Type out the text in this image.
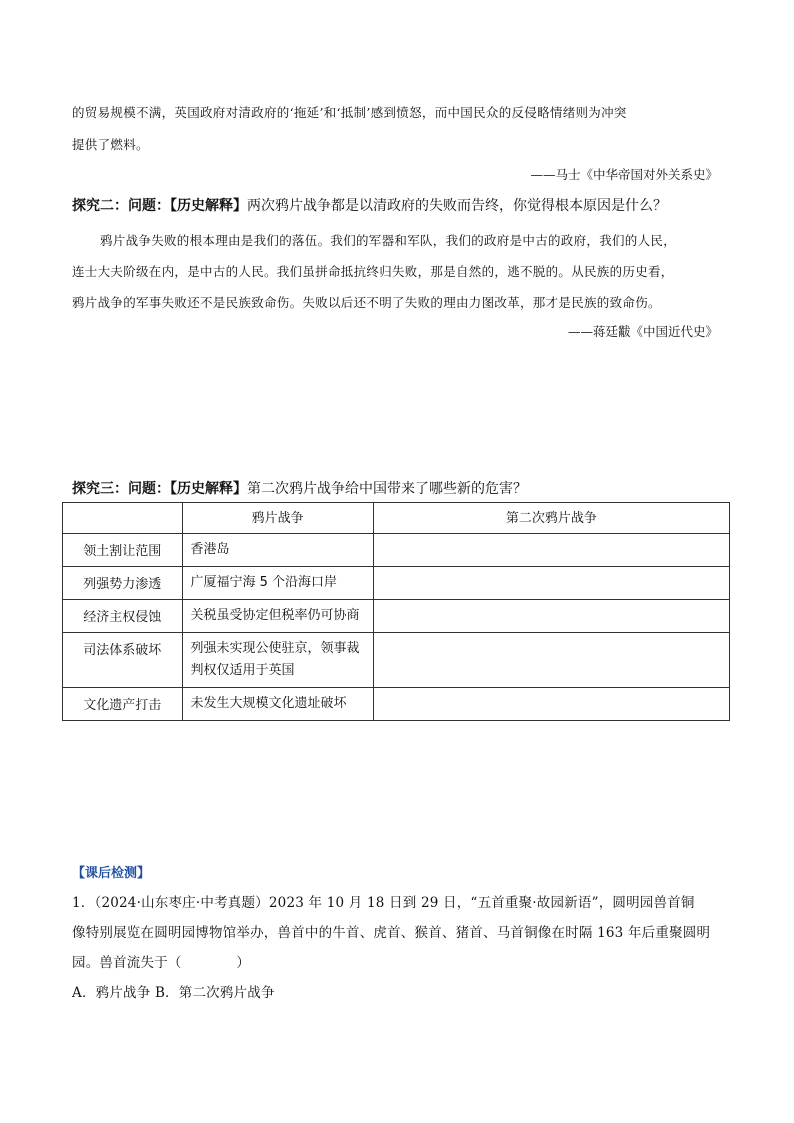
的贸易规模不满，英国政府对清政府的‘拖延’和‘抵制’感到愤怒，而中国民众的反侵略情绪则为冲突
提供了燃料。
——马士《中华帝国对外关系史》
探究二：问题：【历史解释】两次鸦片战争都是以清政府的失败而告终，你觉得根本原因是什么？
鸦片战争失败的根本理由是我们的落伍。我们的军器和军队，我们的政府是中古的政府，我们的人民，
连士大夫阶级在内，是中古的人民。我们虽拼命抵抗终归失败，那是自然的，逃不脱的。从民族的历史看，
鸦片战争的军事失败还不是民族致命伤。失败以后还不明了失败的理由力图改革，那才是民族的致命伤。
——蒋廷黻《中国近代史》
探究三：问题：【历史解释】第二次鸦片战争给中国带来了哪些新的危害？
	鸦片战争	第二次鸦片战争
领土割让范围	香港岛	
列强势力渗透	广厦福宁海 5 个沿海口岸	
经济主权侵蚀	关税虽受协定但税率仍可协商	
司法体系破坏	列强未实现公使驻京，领事裁判权仅适用于英国	
文化遗产打击	未发生大规模文化遗址破坏	
【课后检测】
1．（2024·山东枣庄·中考真题）2023 年 10 月 18 日到 29 日，“五首重聚·故园新语”，圆明园兽首铜
像特别展览在圆明园博物馆举办，兽首中的牛首、虎首、猴首、猪首、马首铜像在时隔 163 年后重聚圆明
园。兽首流失于（　　　　）
A．鸦片战争 B．第二次鸦片战争
